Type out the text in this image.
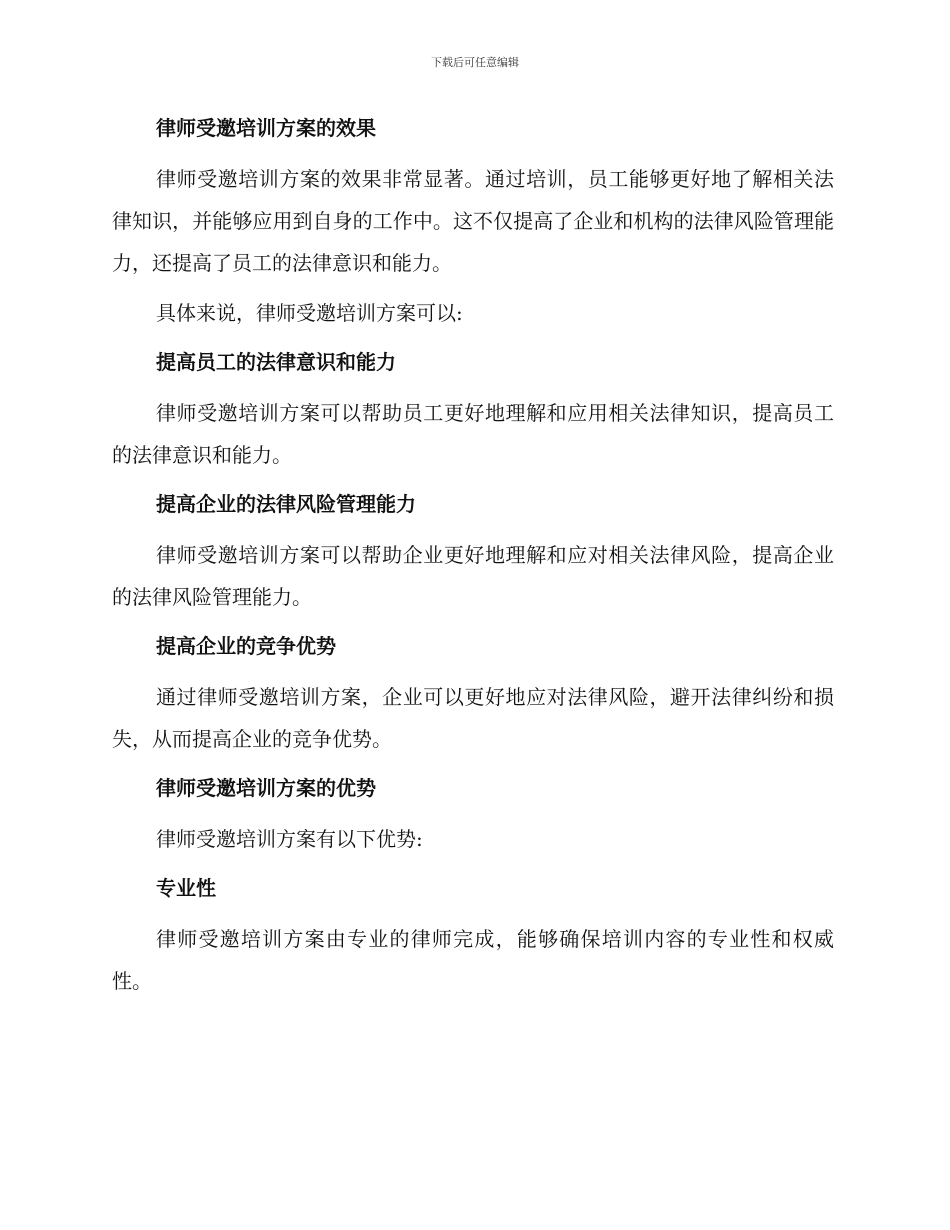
下载后可任意编辑
律师受邀培训方案的效果
律师受邀培训方案的效果非常显著。通过培训，员工能够更好地了解相关法律知识，并能够应用到自身的工作中。这不仅提高了企业和机构的法律风险管理能力，还提高了员工的法律意识和能力。
具体来说，律师受邀培训方案可以:
提高员工的法律意识和能力
律师受邀培训方案可以帮助员工更好地理解和应用相关法律知识，提高员工的法律意识和能力。
提高企业的法律风险管理能力
律师受邀培训方案可以帮助企业更好地理解和应对相关法律风险，提高企业的法律风险管理能力。
提高企业的竞争优势
通过律师受邀培训方案，企业可以更好地应对法律风险，避开法律纠纷和损失，从而提高企业的竞争优势。
律师受邀培训方案的优势
律师受邀培训方案有以下优势:
专业性
律师受邀培训方案由专业的律师完成，能够确保培训内容的专业性和权威性。
